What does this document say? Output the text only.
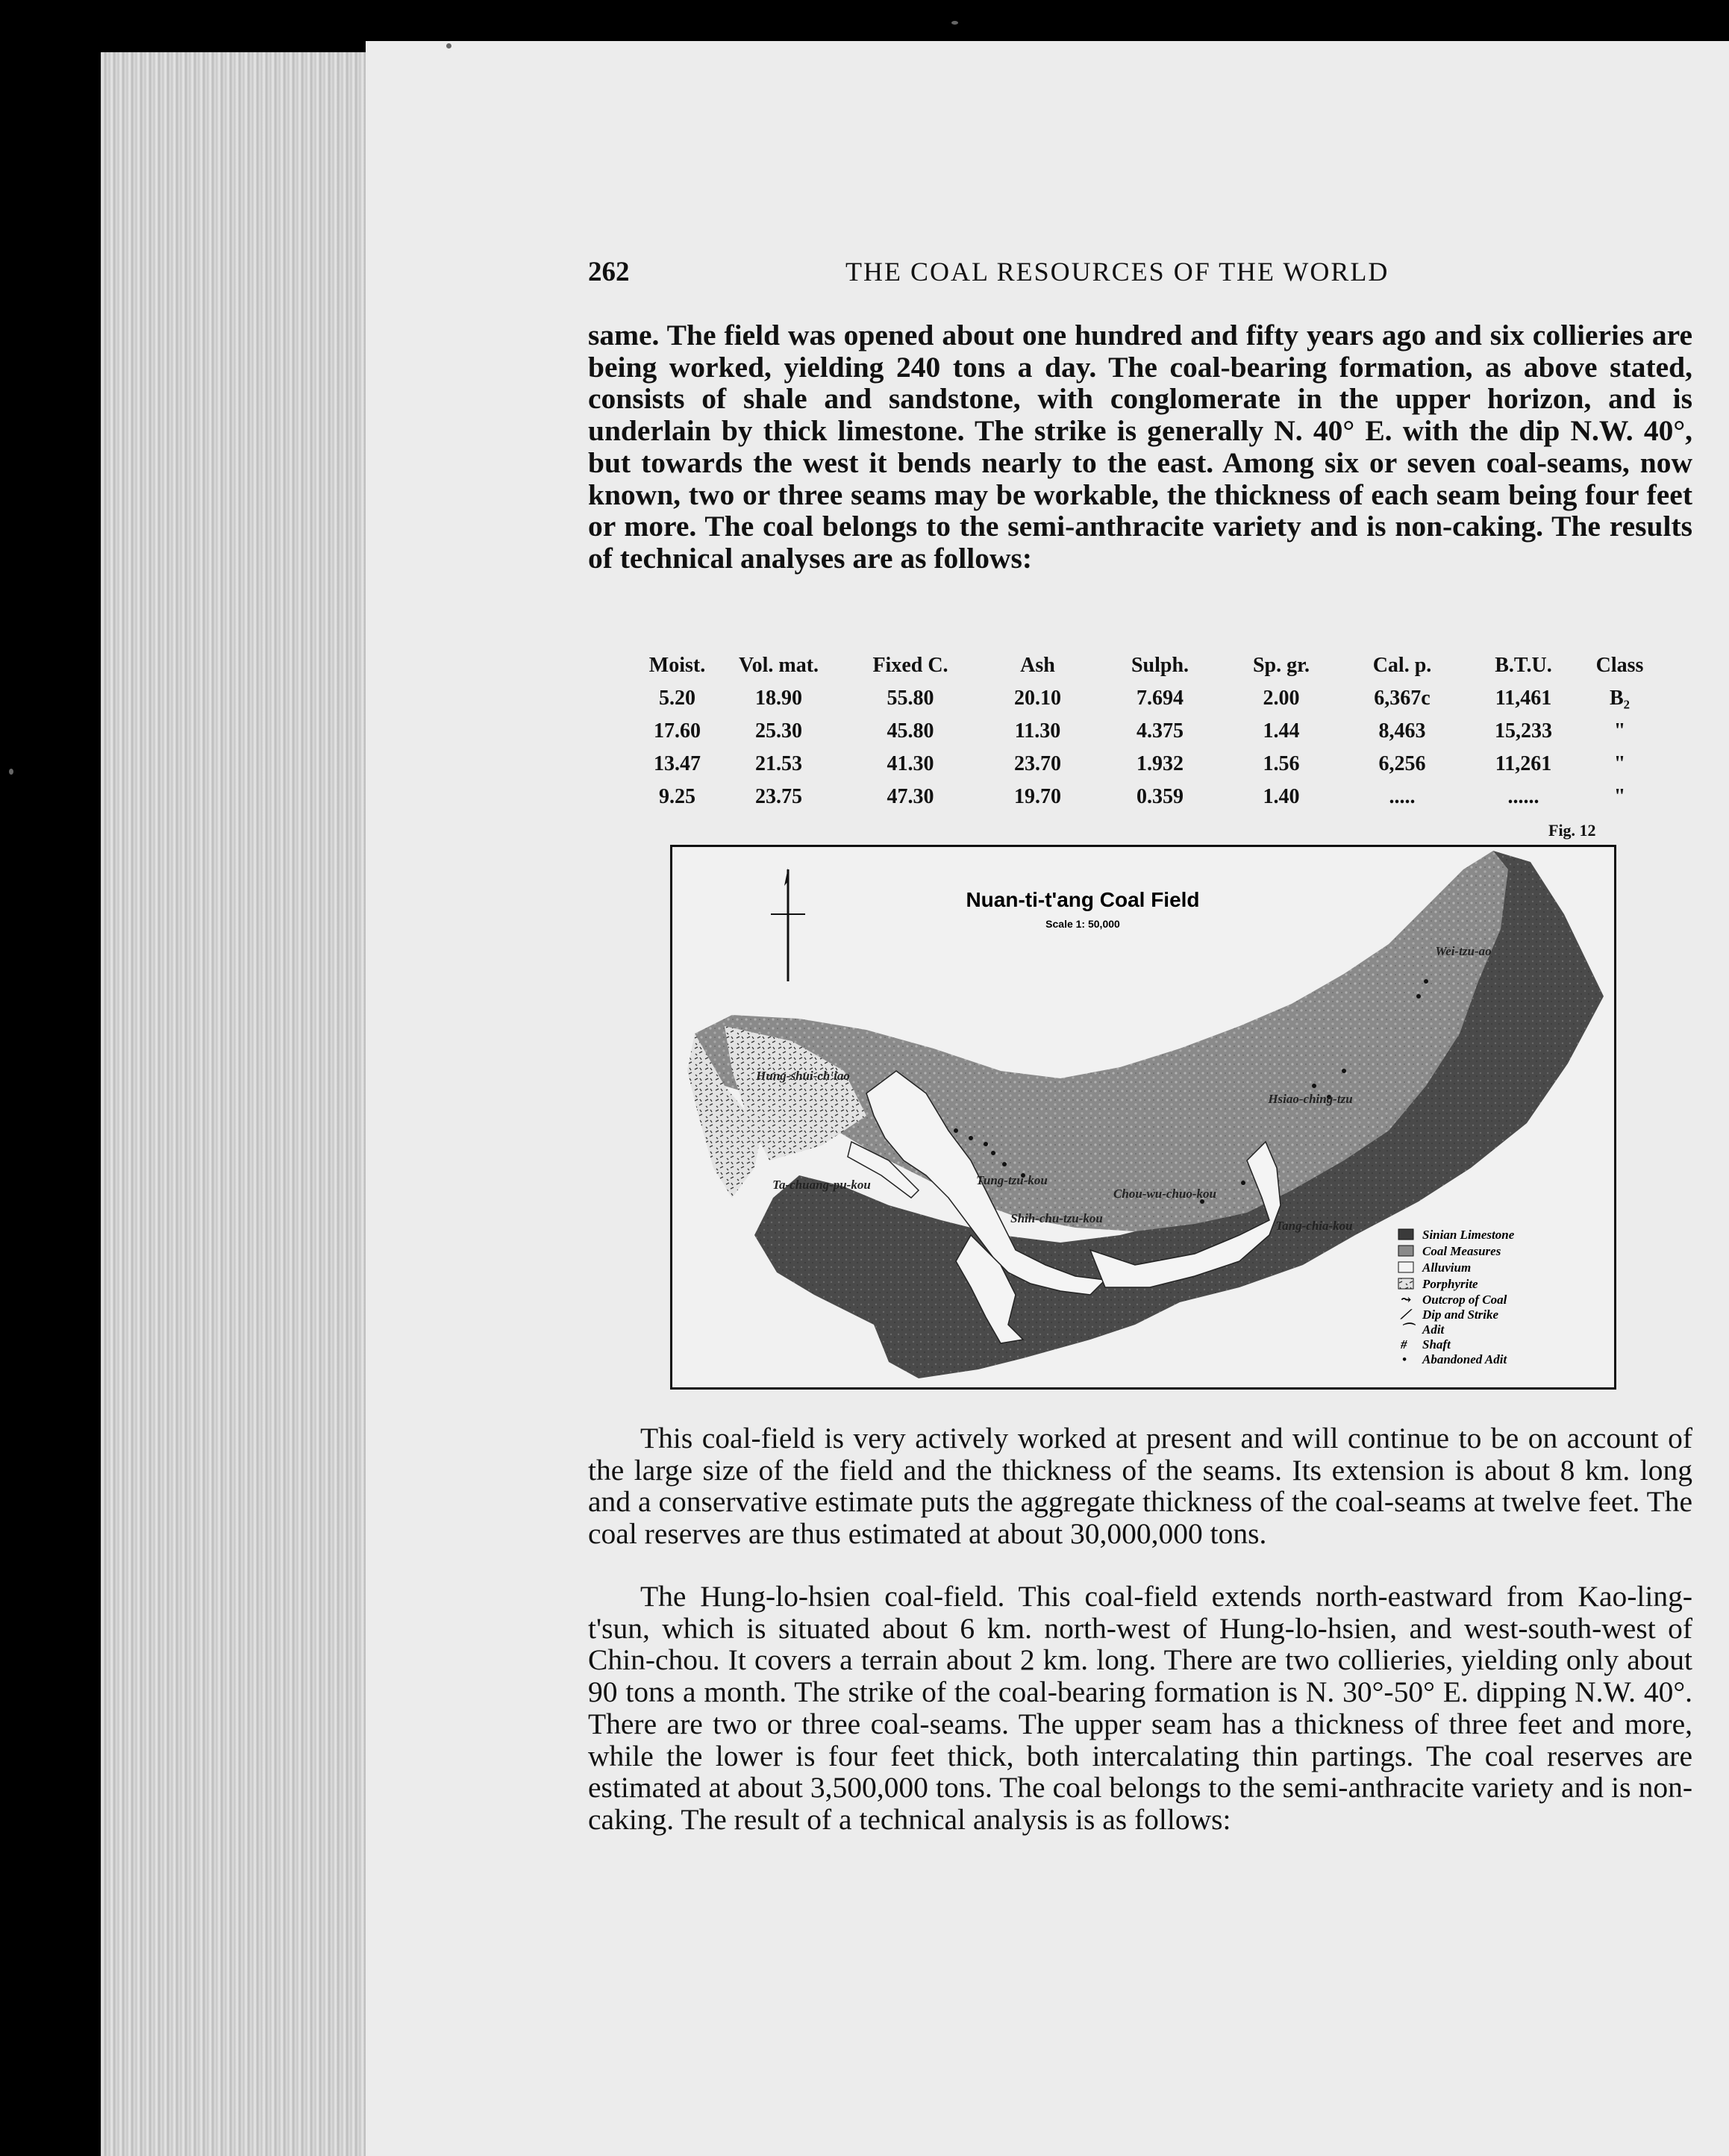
262	THE COAL RESOURCES OF THE WORLD

same. The field was opened about one hundred and fifty years ago and six collieries are being worked, yielding 240 tons a day. The coal-bearing formation, as above stated, consists of shale and sandstone, with conglomerate in the upper horizon, and is underlain by thick limestone. The strike is generally N. 40° E. with the dip N.W. 40°, but towards the west it bends nearly to the east. Among six or seven coal-seams, now known, two or three seams may be workable, the thickness of each seam being four feet or more. The coal belongs to the semi-anthracite variety and is non-caking. The results of technical analyses are as follows:

Moist.	Vol. mat.	Fixed C.	Ash	Sulph.	Sp. gr.	Cal. p.	B.T.U.	Class
5.20	18.90	55.80	20.10	7.694	2.00	6,367c	11,461	B₂
17.60	25.30	45.80	11.30	4.375	1.44	8,463	15,233	"
13.47	21.53	41.30	23.70	1.932	1.56	6,256	11,261	"
9.25	23.75	47.30	19.70	0.359	1.40	.....	......	"
Fig. 12
Nuan-ti-t'ang Coal Field
Scale 1: 50,000
Wei-tzu-ao
Hsiao-ching-tzu
Hung-shui-ch'iao
Ta-chuang-pu-kou	Tung-tzu-kou
Chou-wu-chuo-kou
Shih-chu-tzu-kou
Tang-chia-kou
Sinian Limestone
Coal Measures
Alluvium
Porphyrite
⤳ Outcrop of Coal
⟋ Dip and Strike
⌒ Adit
# Shaft
• Abandoned Adit

This coal-field is very actively worked at present and will continue to be on account of the large size of the field and the thickness of the seams. Its extension is about 8 km. long and a conservative estimate puts the aggregate thickness of the coal-seams at twelve feet. The coal reserves are thus estimated at about 30,000,000 tons.

The Hung-lo-hsien coal-field. This coal-field extends north-eastward from Kao-ling-t'sun, which is situated about 6 km. north-west of Hung-lo-hsien, and west-south-west of Chin-chou. It covers a terrain about 2 km. long. There are two collieries, yielding only about 90 tons a month. The strike of the coal-bearing formation is N. 30°-50° E. dipping N.W. 40°. There are two or three coal-seams. The upper seam has a thickness of three feet and more, while the lower is four feet thick, both intercalating thin partings. The coal reserves are estimated at about 3,500,000 tons. The coal belongs to the semi-anthracite variety and is non-caking. The result of a technical analysis is as follows:
